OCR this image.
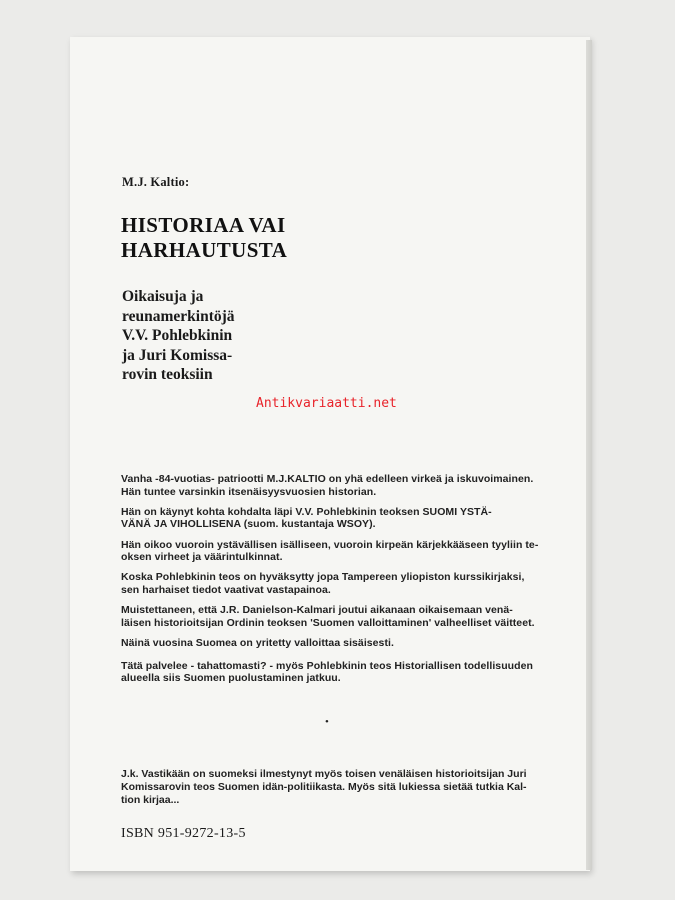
M.J. Kaltio:
HISTORIAA VAI
HARHAUTUSTA
Oikaisuja ja
reunamerkintöjä
V.V. Pohlebkinin
ja Juri Komissa-
rovin teoksiin
Antikvariaatti.net

Vanha -84-vuotias- patriootti M.J.KALTIO on yhä edelleen virkeä ja iskuvoimainen.
Hän tuntee varsinkin itsenäisyysvuosien historian.

Hän on käynyt kohta kohdalta läpi V.V. Pohlebkinin teoksen SUOMI YSTÄ-
VÄNÄ JA VIHOLLISENA (suom. kustantaja WSOY).

Hän oikoo vuoroin ystävällisen isälliseen, vuoroin kirpeän kärjekkääseen tyyliin te-
oksen virheet ja väärintulkinnat.

Koska Pohlebkinin teos on hyväksytty jopa Tampereen yliopiston kurssikirjaksi,
sen harhaiset tiedot vaativat vastapainoa.

Muistettaneen, että J.R. Danielson-Kalmari joutui aikanaan oikaisemaan venä-
läisen historioitsijan Ordinin teoksen 'Suomen valloittaminen' valheelliset väitteet.

Näinä vuosina Suomea on yritetty valloittaa sisäisesti.

Tätä palvelee - tahattomasti? - myös Pohlebkinin teos Historiallisen todellisuuden
alueella siis Suomen puolustaminen jatkuu.

•

J.k. Vastikään on suomeksi ilmestynyt myös toisen venäläisen historioitsijan Juri
Komissarovin teos Suomen idän-politiikasta. Myös sitä lukiessa sietää tutkia Kal-
tion kirjaa...

ISBN 951-9272-13-5
